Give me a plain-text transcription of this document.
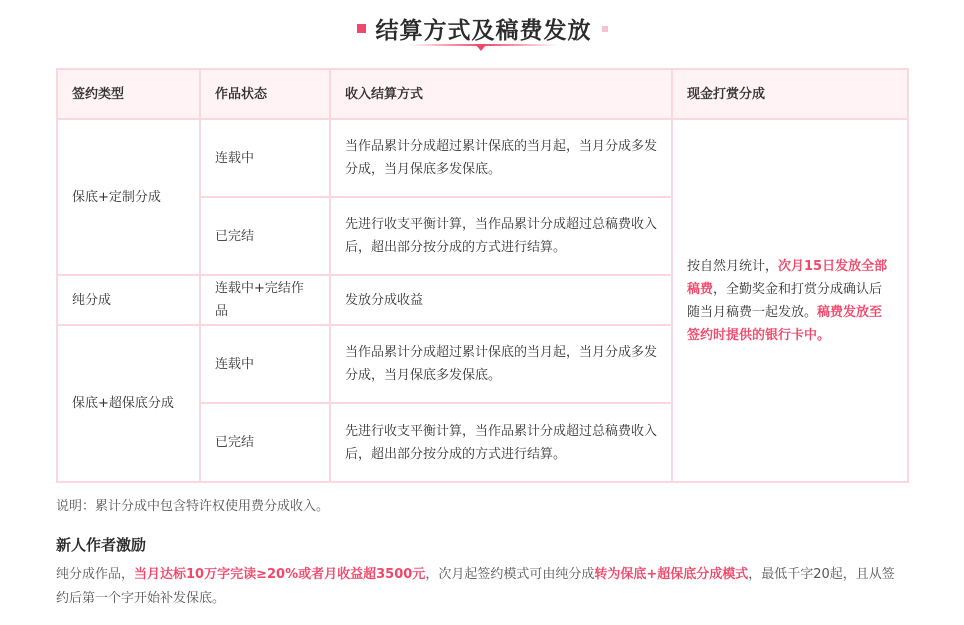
结算方式及稿费发放
签约类型	作品状态	收入结算方式	现金打赏分成
保底+定制分成	连载中	当作品累计分成超过累计保底的当月起，当月分成多发分成，当月保底多发保底。	按自然月统计，次月15日发放全部稿费，全勤奖金和打赏分成确认后随当月稿费一起发放。稿费发放至签约时提供的银行卡中。
	已完结	先进行收支平衡计算，当作品累计分成超过总稿费收入后，超出部分按分成的方式进行结算。	
纯分成	连载中+完结作品	发放分成收益	
保底+超保底分成	连载中	当作品累计分成超过累计保底的当月起，当月分成多发分成，当月保底多发保底。	
	已完结	先进行收支平衡计算，当作品累计分成超过总稿费收入后，超出部分按分成的方式进行结算。	
说明：累计分成中包含特许权使用费分成收入。
新人作者激励
纯分成作品，当月达标10万字完读≥20%或者月收益超3500元，次月起签约模式可由纯分成转为保底+超保底分成模式，最低千字20起，且从签约后第一个字开始补发保底。
